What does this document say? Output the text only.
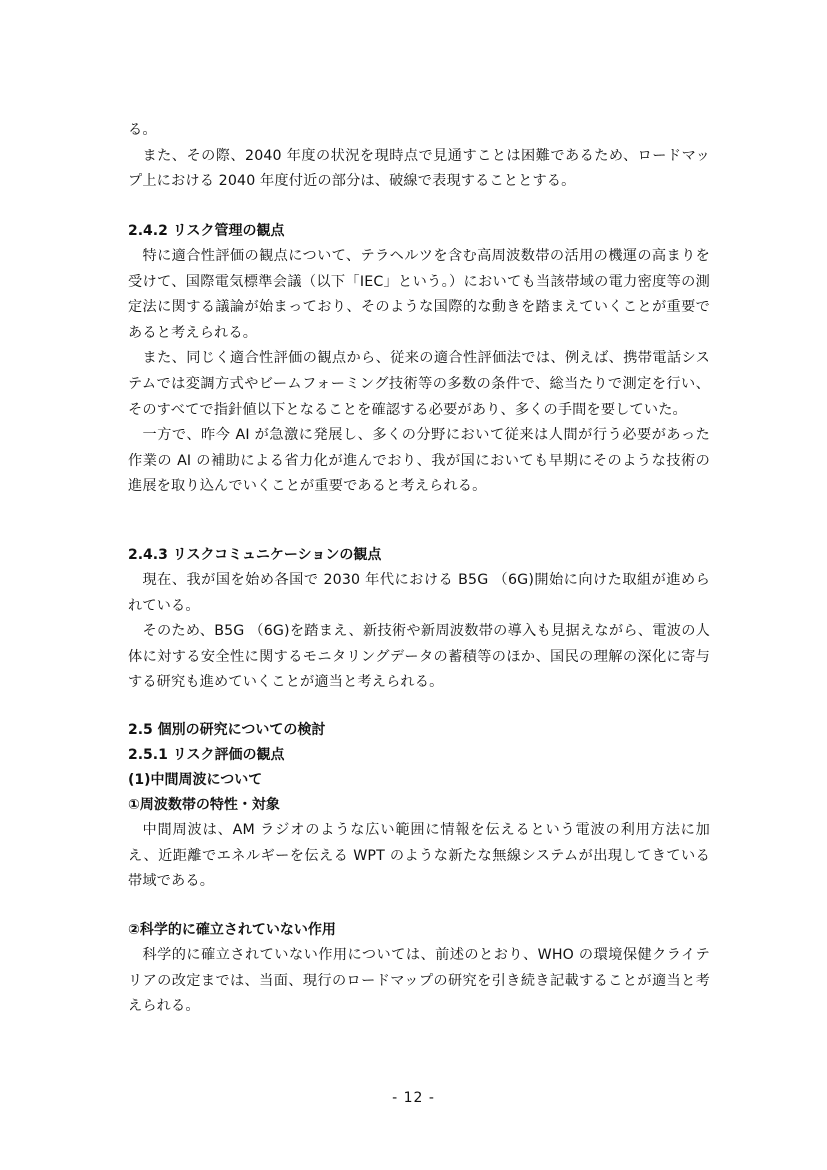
る。

また、その際、2040 年度の状況を現時点で見通すことは困難であるため、ロードマップ上における 2040 年度付近の部分は、破線で表現することとする。

2.4.2 リスク管理の観点

特に適合性評価の観点について、テラヘルツを含む高周波数帯の活用の機運の高まりを受けて、国際電気標準会議（以下「IEC」という。）においても当該帯域の電力密度等の測定法に関する議論が始まっており、そのような国際的な動きを踏まえていくことが重要であると考えられる。

また、同じく適合性評価の観点から、従来の適合性評価法では、例えば、携帯電話システムでは変調方式やビームフォーミング技術等の多数の条件で、総当たりで測定を行い、そのすべてで指針値以下となることを確認する必要があり、多くの手間を要していた。

一方で、昨今 AI が急激に発展し、多くの分野において従来は人間が行う必要があった作業の AI の補助による省力化が進んでおり、我が国においても早期にそのような技術の進展を取り込んでいくことが重要であると考えられる。

2.4.3 リスクコミュニケーションの観点

現在、我が国を始め各国で 2030 年代における B5G （6G)開始に向けた取組が進められている。

そのため、B5G （6G)を踏まえ、新技術や新周波数帯の導入も見据えながら、電波の人体に対する安全性に関するモニタリングデータの蓄積等のほか、国民の理解の深化に寄与する研究も進めていくことが適当と考えられる。

2.5 個別の研究についての検討
2.5.1 リスク評価の観点
(1)中間周波について
①周波数帯の特性・対象

中間周波は、AM ラジオのような広い範囲に情報を伝えるという電波の利用方法に加え、近距離でエネルギーを伝える WPT のような新たな無線システムが出現してきている帯域である。

②科学的に確立されていない作用

科学的に確立されていない作用については、前述のとおり、WHO の環境保健クライテリアの改定までは、当面、現行のロードマップの研究を引き続き記載することが適当と考えられる。

- 12 -
